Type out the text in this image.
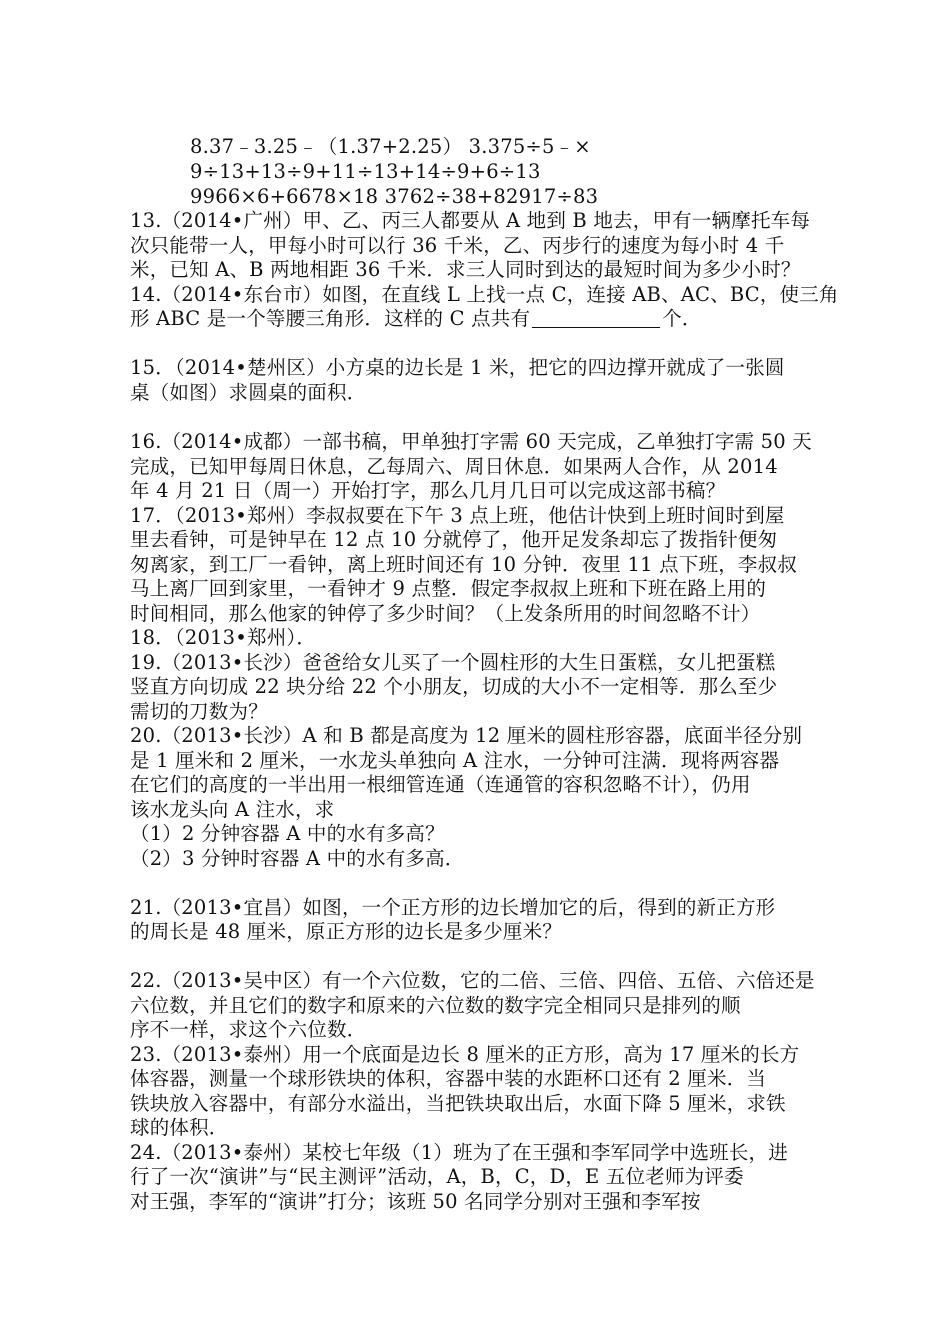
8.37﹣3.25﹣（1.37+2.25） 3.375÷5﹣×
9÷13+13÷9+11÷13+14÷9+6÷13
9966×6+6678×18 3762÷38+82917÷83
13.（2014•广州）甲、乙、丙三人都要从 A 地到 B 地去，甲有一辆摩托车每
次只能带一人，甲每小时可以行 36 千米，乙、丙步行的速度为每小时 4 千
米，已知 A、B 两地相距 36 千米．求三人同时到达的最短时间为多少小时？
14.（2014•东台市）如图，在直线 L 上找一点 C，连接 AB、AC、BC，使三角
形 ABC 是一个等腰三角形．这样的 C 点共有	个．
15．（2014•楚州区）小方桌的边长是 1 米，把它的四边撑开就成了一张圆
桌（如图）求圆桌的面积．
16.（2014•成都）一部书稿，甲单独打字需 60 天完成，乙单独打字需 50 天
完成，已知甲每周日休息，乙每周六、周日休息．如果两人合作，从 2014
年 4 月 21 日（周一）开始打字，那么几月几日可以完成这部书稿？
17．（2013•郑州）李叔叔要在下午 3 点上班，他估计快到上班时间时到屋
里去看钟，可是钟早在 12 点 10 分就停了，他开足发条却忘了拨指针便匆
匆离家，到工厂一看钟，离上班时间还有 10 分钟．夜里 11 点下班，李叔叔
马上离厂回到家里，一看钟才 9 点整．假定李叔叔上班和下班在路上用的
时间相同，那么他家的钟停了多少时间？（上发条所用的时间忽略不计）
18．（2013•郑州）．
19.（2013•长沙）爸爸给女儿买了一个圆柱形的大生日蛋糕，女儿把蛋糕
竖直方向切成 22 块分给 22 个小朋友，切成的大小不一定相等．那么至少
需切的刀数为？
20.（2013•长沙）A 和 B 都是高度为 12 厘米的圆柱形容器，底面半径分别
是 1 厘米和 2 厘米，一水龙头单独向 A 注水，一分钟可注满．现将两容器
在它们的高度的一半出用一根细管连通（连通管的容积忽略不计），仍用
该水龙头向 A 注水，求
（1）2 分钟容器 A 中的水有多高？
（2）3 分钟时容器 A 中的水有多高．
21.（2013•宜昌）如图，一个正方形的边长增加它的后，得到的新正方形
的周长是 48 厘米，原正方形的边长是多少厘米？
22.（2013•吴中区）有一个六位数，它的二倍、三倍、四倍、五倍、六倍还是
六位数，并且它们的数字和原来的六位数的数字完全相同只是排列的顺
序不一样，求这个六位数．
23.（2013•泰州）用一个底面是边长 8 厘米的正方形，高为 17 厘米的长方
体容器，测量一个球形铁块的体积，容器中装的水距杯口还有 2 厘米．当
铁块放入容器中，有部分水溢出，当把铁块取出后，水面下降 5 厘米，求铁
球的体积．
24.（2013•泰州）某校七年级（1）班为了在王强和李军同学中选班长，进
行了一次“演讲”与“民主测评”活动，A，B，C，D，E 五位老师为评委
对王强，李军的“演讲”打分；该班 50 名同学分别对王强和李军按
